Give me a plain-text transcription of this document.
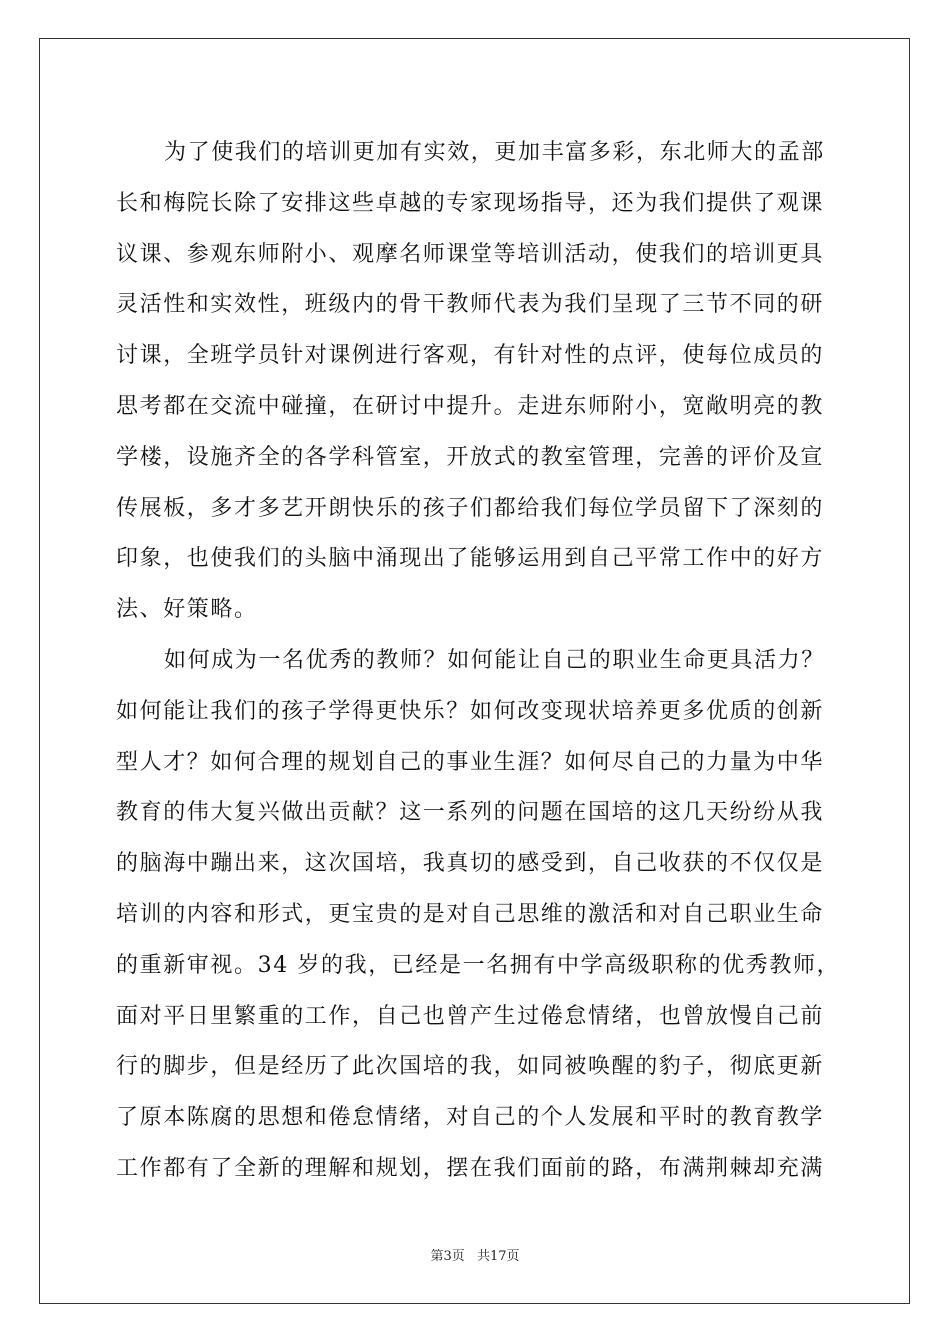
为了使我们的培训更加有实效，更加丰富多彩，东北师大的孟部
长和梅院长除了安排这些卓越的专家现场指导，还为我们提供了观课
议课、参观东师附小、观摩名师课堂等培训活动，使我们的培训更具
灵活性和实效性，班级内的骨干教师代表为我们呈现了三节不同的研
讨课，全班学员针对课例进行客观，有针对性的点评，使每位成员的
思考都在交流中碰撞，在研讨中提升。走进东师附小，宽敞明亮的教
学楼，设施齐全的各学科管室，开放式的教室管理，完善的评价及宣
传展板，多才多艺开朗快乐的孩子们都给我们每位学员留下了深刻的
印象，也使我们的头脑中涌现出了能够运用到自己平常工作中的好方
法、好策略。
如何成为一名优秀的教师？如何能让自己的职业生命更具活力？
如何能让我们的孩子学得更快乐？如何改变现状培养更多优质的创新
型人才？如何合理的规划自己的事业生涯？如何尽自己的力量为中华
教育的伟大复兴做出贡献？这一系列的问题在国培的这几天纷纷从我
的脑海中蹦出来，这次国培，我真切的感受到，自己收获的不仅仅是
培训的内容和形式，更宝贵的是对自己思维的激活和对自己职业生命
的重新审视。34 岁的我，已经是一名拥有中学高级职称的优秀教师，
面对平日里繁重的工作，自己也曾产生过倦怠情绪，也曾放慢自己前
行的脚步，但是经历了此次国培的我，如同被唤醒的豹子，彻底更新
了原本陈腐的思想和倦怠情绪，对自己的个人发展和平时的教育教学
工作都有了全新的理解和规划，摆在我们面前的路，布满荆棘却充满
第3页 共17页
